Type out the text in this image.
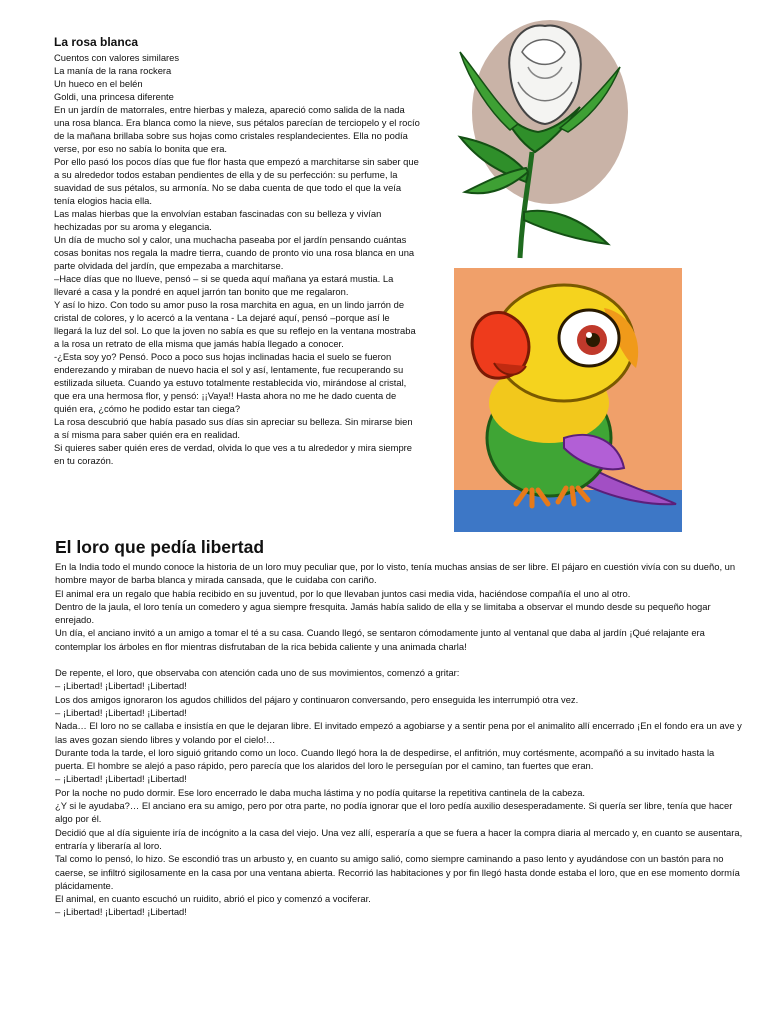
La rosa blanca
Cuentos con valores similares
La manía de la rana rockera
Un hueco en el belén
Goldi, una princesa diferente

En un jardín de matorrales, entre hierbas y maleza, apareció como salida de la nada una rosa blanca. Era blanca como la nieve, sus pétalos parecían de terciopelo y el rocío de la mañana brillaba sobre sus hojas como cristales resplandecientes. Ella no podía verse, por eso no sabía lo bonita que era.

Por ello pasó los pocos días que fue flor hasta que empezó a marchitarse sin saber que a su alrededor todos estaban pendientes de ella y de su perfección: su perfume, la suavidad de sus pétalos, su armonía. No se daba cuenta de que todo el que la veía tenía elogios hacia ella.

Las malas hierbas que la envolvían estaban fascinadas con su belleza y vivían hechizadas por su aroma y elegancia.

Un día de mucho sol y calor, una muchacha paseaba por el jardín pensando cuántas cosas bonitas nos regala la madre tierra, cuando de pronto vio una rosa blanca en una parte olvidada del jardín, que empezaba a marchitarse.

–Hace días que no llueve, pensó – si se queda aquí mañana ya estará mustia. La llevaré a casa y la pondré en aquel jarrón tan bonito que me regalaron.

Y así lo hizo. Con todo su amor puso la rosa marchita en agua, en un lindo jarrón de cristal de colores, y lo acercó a la ventana - La dejaré aquí, pensó –porque así le llegará la luz del sol. Lo que la joven no sabía es que su reflejo en la ventana mostraba a la rosa un retrato de ella misma que jamás había llegado a conocer.

-¿Esta soy yo? Pensó. Poco a poco sus hojas inclinadas hacia el suelo se fueron enderezando y miraban de nuevo hacia el sol y así, lentamente, fue recuperando su estilizada silueta. Cuando ya estuvo totalmente restablecida vio, mirándose al cristal, que era una hermosa flor, y pensó: ¡¡Vaya!! Hasta ahora no me he dado cuenta de quién era, ¿cómo he podido estar tan ciega?

La rosa descubrió que había pasado sus días sin apreciar su belleza. Sin mirarse bien a sí misma para saber quién era en realidad.

Si quieres saber quién eres de verdad, olvida lo que ves a tu alrededor y mira siempre en tu corazón.

El loro que pedía libertad

En la India todo el mundo conoce la historia de un loro muy peculiar que, por lo visto, tenía muchas ansias de ser libre. El pájaro en cuestión vivía con su dueño, un hombre mayor de barba blanca y mirada cansada, que le cuidaba con cariño.

El animal era un regalo que había recibido en su juventud, por lo que llevaban juntos casi media vida, haciéndose compañía el uno al otro.

Dentro de la jaula, el loro tenía un comedero y agua siempre fresquita. Jamás había salido de ella y se limitaba a observar el mundo desde su pequeño hogar enrejado.

Un día, el anciano invitó a un amigo a tomar el té a su casa. Cuando llegó, se sentaron cómodamente junto al ventanal que daba al jardín ¡Qué relajante era contemplar los árboles en flor mientras disfrutaban de la rica bebida caliente y una animada charla!

De repente, el loro, que observaba con atención cada uno de sus movimientos, comenzó a gritar:

– ¡Libertad! ¡Libertad! ¡Libertad!

Los dos amigos ignoraron los agudos chillidos del pájaro y continuaron conversando, pero enseguida les interrumpió otra vez.

– ¡Libertad! ¡Libertad! ¡Libertad!

Nada… El loro no se callaba e insistía en que le dejaran libre. El invitado empezó a agobiarse y a sentir pena por el animalito allí encerrado ¡En el fondo era un ave y las aves gozan siendo libres y volando por el cielo!…

Durante toda la tarde, el loro siguió gritando como un loco. Cuando llegó hora la de despedirse, el anfitrión, muy cortésmente, acompañó a su invitado hasta la puerta. El hombre se alejó a paso rápido, pero parecía que los alaridos del loro le perseguían por el camino, tan fuertes que eran.

– ¡Libertad! ¡Libertad! ¡Libertad!

Por la noche no pudo dormir. Ese loro encerrado le daba mucha lástima y no podía quitarse la repetitiva cantinela de la cabeza.

¿Y si le ayudaba?… El anciano era su amigo, pero por otra parte, no podía ignorar que el loro pedía auxilio desesperadamente. Si quería ser libre, tenía que hacer algo por él.

Decidió que al día siguiente iría de incógnito a la casa del viejo. Una vez allí, esperaría a que se fuera a hacer la compra diaria al mercado y, en cuanto se ausentara, entraría y liberaría al loro.

Tal como lo pensó, lo hizo. Se escondió tras un arbusto y, en cuanto su amigo salió, como siempre caminando a paso lento y ayudándose con un bastón para no caerse, se infiltró sigilosamente en la casa por una ventana abierta. Recorrió las habitaciones y por fin llegó hasta donde estaba el loro, que en ese momento dormía plácidamente.

El animal, en cuanto escuchó un ruidito, abrió el pico y comenzó a vociferar.

– ¡Libertad! ¡Libertad! ¡Libertad!
